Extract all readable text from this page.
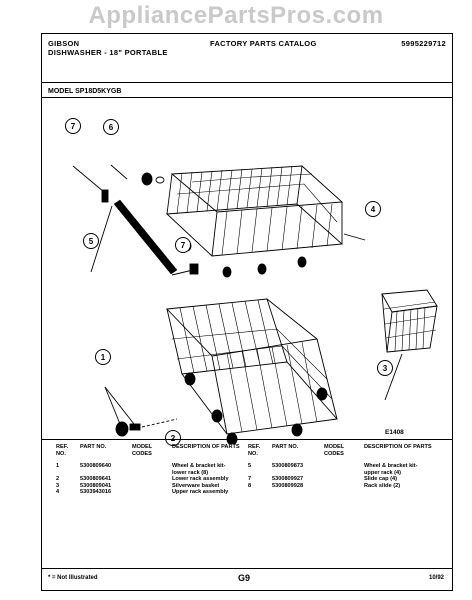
AppliancePartsPros.com
GIBSON
DISHWASHER - 18" PORTABLE
FACTORY PARTS CATALOG	5995229712
MODEL SP18D5KYGB
7	6
4
5	7
3
1
2
E1408
REF. NO.	PART NO.	MODEL CODES	DESCRIPTION OF PARTS
1	5300809640		Wheel & bracket kit-
			lower rack (8)
2	5300809641		Lower rack assembly
3	5300809041		Silverware basket
4	5303943016		Upper rack assembly
REF. NO.	PART NO.	MODEL CODES	DESCRIPTION OF PARTS
5	5300809873		Wheel & bracket kit-
			upper rack (4)
7	5300809927		Slide cap (4)
8	5300809928		Rack slide (2)
* = Not Illustrated	G9	10/92
